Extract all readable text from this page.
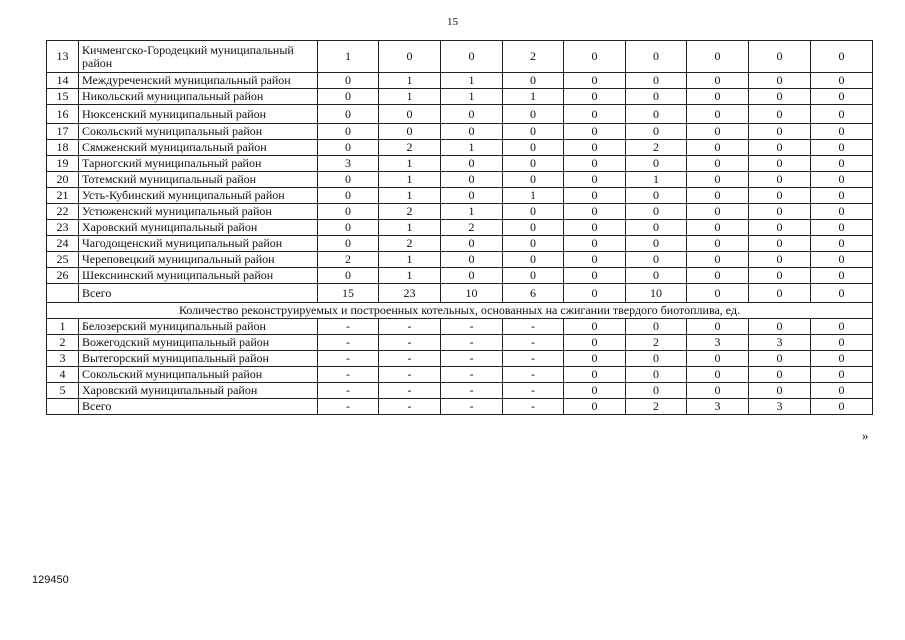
15
13	Кичменгско-Городецкий муниципальный район	1	0	0	2	0	0	0	0	0
14	Междуреченский муниципальный район	0	1	1	0	0	0	0	0	0
15	Никольский муниципальный район	0	1	1	1	0	0	0	0	0
16	Нюксенский муниципальный район	0	0	0	0	0	0	0	0	0
17	Сокольский муниципальный район	0	0	0	0	0	0	0	0	0
18	Сямженский муниципальный район	0	2	1	0	0	2	0	0	0
19	Тарногский муниципальный район	3	1	0	0	0	0	0	0	0
20	Тотемский муниципальный район	0	1	0	0	0	1	0	0	0
21	Усть-Кубинский муниципальный район	0	1	0	1	0	0	0	0	0
22	Устюженский муниципальный район	0	2	1	0	0	0	0	0	0
23	Харовский муниципальный район	0	1	2	0	0	0	0	0	0
24	Чагодощенский муниципальный район	0	2	0	0	0	0	0	0	0
25	Череповецкий муниципальный район	2	1	0	0	0	0	0	0	0
26	Шекснинский муниципальный район	0	1	0	0	0	0	0	0	0
	Всего	15	23	10	6	0	10	0	0	0
Количество реконструируемых и построенных котельных, основанных на сжигании твердого биотоплива, ед.										
1	Белозерский муниципальный район	-	-	-	-	0	0	0	0	0
2	Вожегодский муниципальный район	-	-	-	-	0	2	3	3	0
3	Вытегорский муниципальный район	-	-	-	-	0	0	0	0	0
4	Сокольский муниципальный район	-	-	-	-	0	0	0	0	0
5	Харовский муниципальный район	-	-	-	-	0	0	0	0	0
	Всего	-	-	-	-	0	2	3	3	0
»
129450
